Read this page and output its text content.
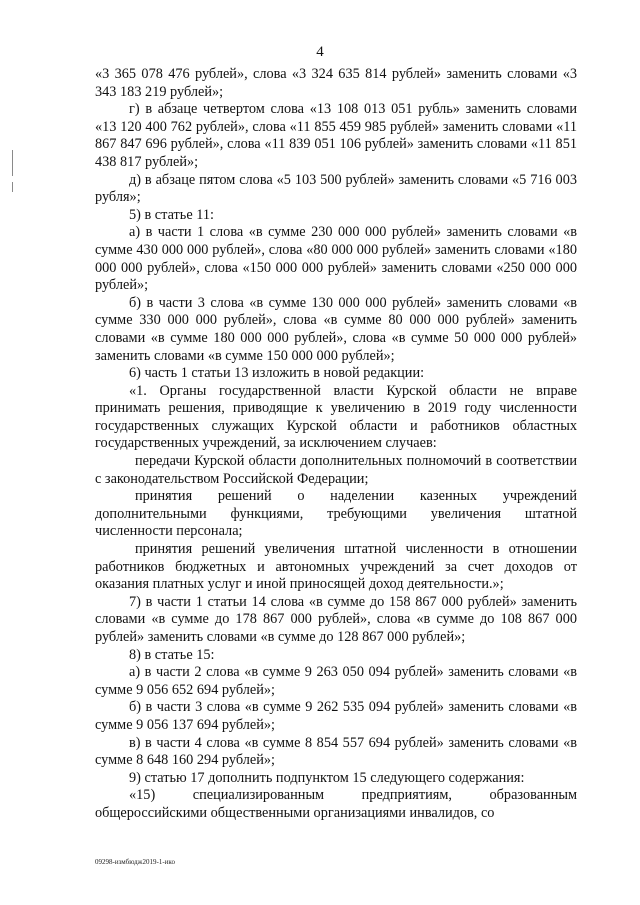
4

«3 365 078 476 рублей», слова «3 324 635 814 рублей» заменить словами «3 343 183 219 рублей»;

г) в абзаце четвертом слова «13 108 013 051 рубль» заменить словами «13 120 400 762 рублей», слова «11 855 459 985 рублей» заменить словами «11 867 847 696 рублей», слова «11 839 051 106 рублей» заменить словами «11 851 438 817 рублей»;

д) в абзаце пятом слова «5 103 500 рублей» заменить словами «5 716 003 рубля»;

5) в статье 11:

а) в части 1 слова «в сумме 230 000 000 рублей» заменить словами «в сумме 430 000 000 рублей», слова «80 000 000 рублей» заменить словами «180 000 000 рублей», слова «150 000 000 рублей» заменить словами «250 000 000 рублей»;

б) в части 3 слова «в сумме 130 000 000 рублей» заменить словами «в сумме 330 000 000 рублей», слова «в сумме 80 000 000 рублей» заменить словами «в сумме 180 000 000 рублей», слова «в сумме 50 000 000 рублей» заменить словами «в сумме 150 000 000 рублей»;

6) часть 1 статьи 13 изложить в новой редакции:

«1. Органы государственной власти Курской области не вправе принимать решения, приводящие к увеличению в 2019 году численности государственных служащих Курской области и работников областных государственных учреждений, за исключением случаев:

передачи Курской области дополнительных полномочий в соответствии с законодательством Российской Федерации;

принятия решений о наделении казенных учреждений дополнительными функциями, требующими увеличения штатной численности персонала;

принятия решений увеличения штатной численности в отношении работников бюджетных и автономных учреждений за счет доходов от оказания платных услуг и иной приносящей доход деятельности.»;

7) в части 1 статьи 14 слова «в сумме до 158 867 000 рублей» заменить словами «в сумме до 178 867 000 рублей», слова «в сумме до 108 867 000 рублей» заменить словами «в сумме до 128 867 000 рублей»;

8) в статье 15:

а) в части 2 слова «в сумме 9 263 050 094 рублей» заменить словами «в сумме 9 056 652 694 рублей»;

б) в части 3 слова «в сумме 9 262 535 094 рублей» заменить словами «в сумме 9 056 137 694 рублей»;

в) в части 4 слова «в сумме 8 854 557 694 рублей» заменить словами «в сумме 8 648 160 294 рублей»;

9) статью 17 дополнить подпунктом 15 следующего содержания:

«15) специализированным предприятиям, образованным общероссийскими общественными организациями инвалидов, со

09298-измбюдж2019-1-ико
